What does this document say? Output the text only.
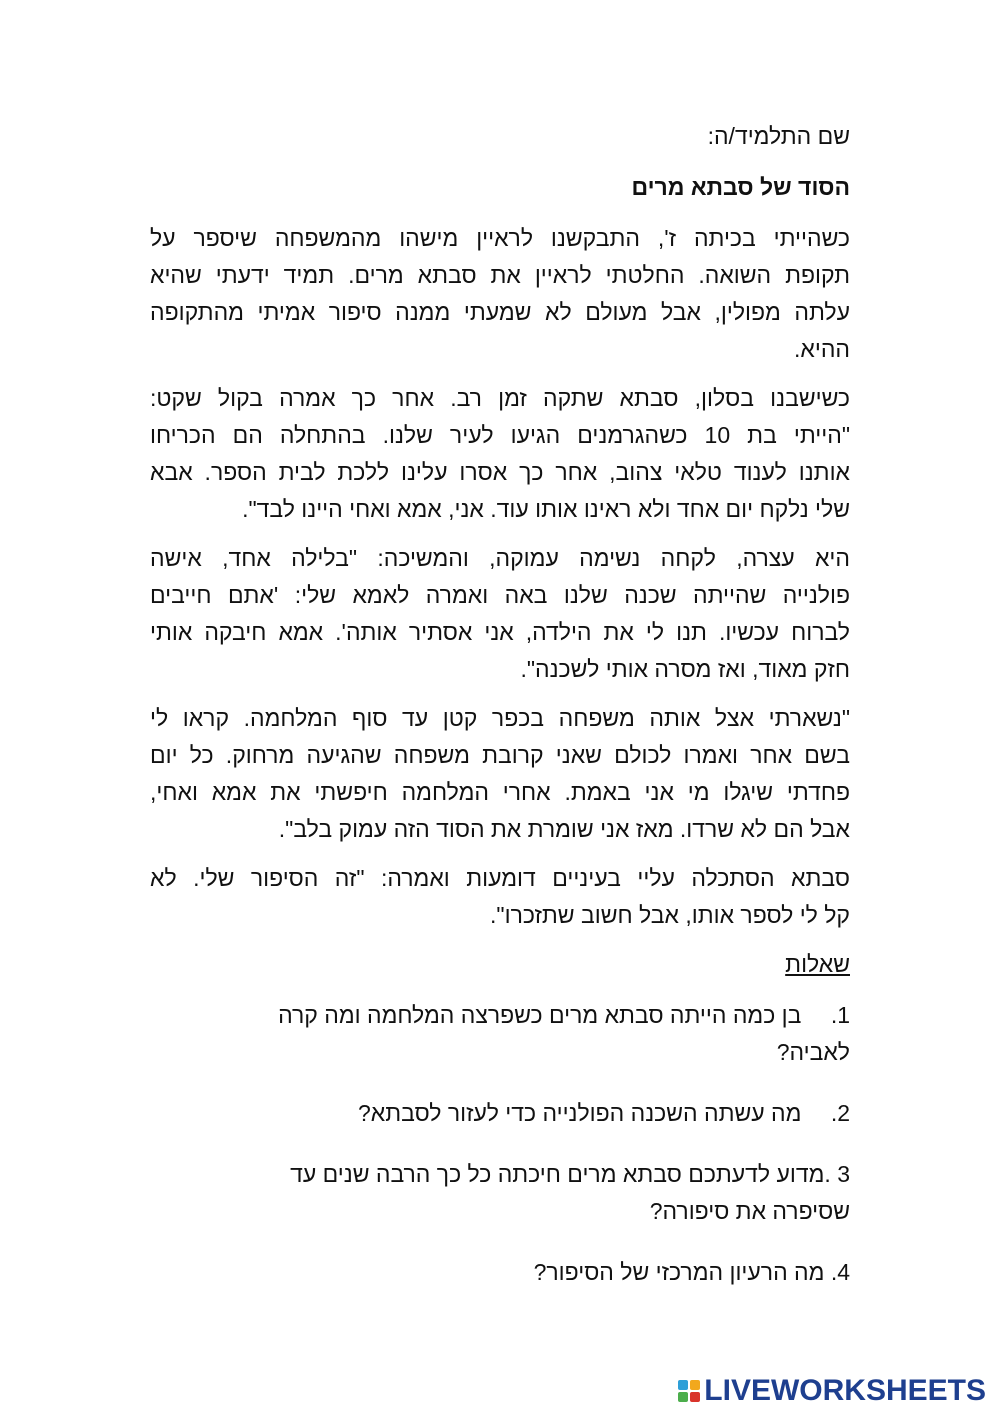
שם התלמיד/ה:
הסוד של סבתא מרים
כשהייתי בכיתה ז', התבקשנו לראיין מישהו מהמשפחה שיספר על
תקופת השואה. החלטתי לראיין את סבתא מרים. תמיד ידעתי שהיא
עלתה מפולין, אבל מעולם לא שמעתי ממנה סיפור אמיתי מהתקופה
ההיא.
כשישבנו בסלון, סבתא שתקה זמן רב. אחר כך אמרה בקול שקט:
"הייתי בת 10 כשהגרמנים הגיעו לעיר שלנו. בהתחלה הם הכריחו
אותנו לענוד טלאי צהוב, אחר כך אסרו עלינו ללכת לבית הספר. אבא
שלי נלקח יום אחד ולא ראינו אותו עוד. אני, אמא ואחי היינו לבד".
היא עצרה, לקחה נשימה עמוקה, והמשיכה: "בלילה אחד, אישה
פולנייה שהייתה שכנה שלנו באה ואמרה לאמא שלי: 'אתם חייבים
לברוח עכשיו. תנו לי את הילדה, אני אסתיר אותה'. אמא חיבקה אותי
חזק מאוד, ואז מסרה אותי לשכנה".
"נשארתי אצל אותה משפחה בכפר קטן עד סוף המלחמה. קראו לי
בשם אחר ואמרו לכולם שאני קרובת משפחה שהגיעה מרחוק. כל יום
פחדתי שיגלו מי אני באמת. אחרי המלחמה חיפשתי את אמא ואחי,
אבל הם לא שרדו. מאז אני שומרת את הסוד הזה עמוק בלב".
סבתא הסתכלה עליי בעיניים דומעות ואמרה: "זה הסיפור שלי. לא
קל לי לספר אותו, אבל חשוב שתזכרו".
שאלות
1.  בן כמה הייתה סבתא מרים כשפרצה המלחמה ומה קרה
לאביה?
2.  מה עשתה השכנה הפולנייה כדי לעזור לסבתא?
3 .מדוע לדעתכם סבתא מרים חיכתה כל כך הרבה שנים עד
שסיפרה את סיפורה?
4. מה הרעיון המרכזי של הסיפור?
LIVEWORKSHEETS
